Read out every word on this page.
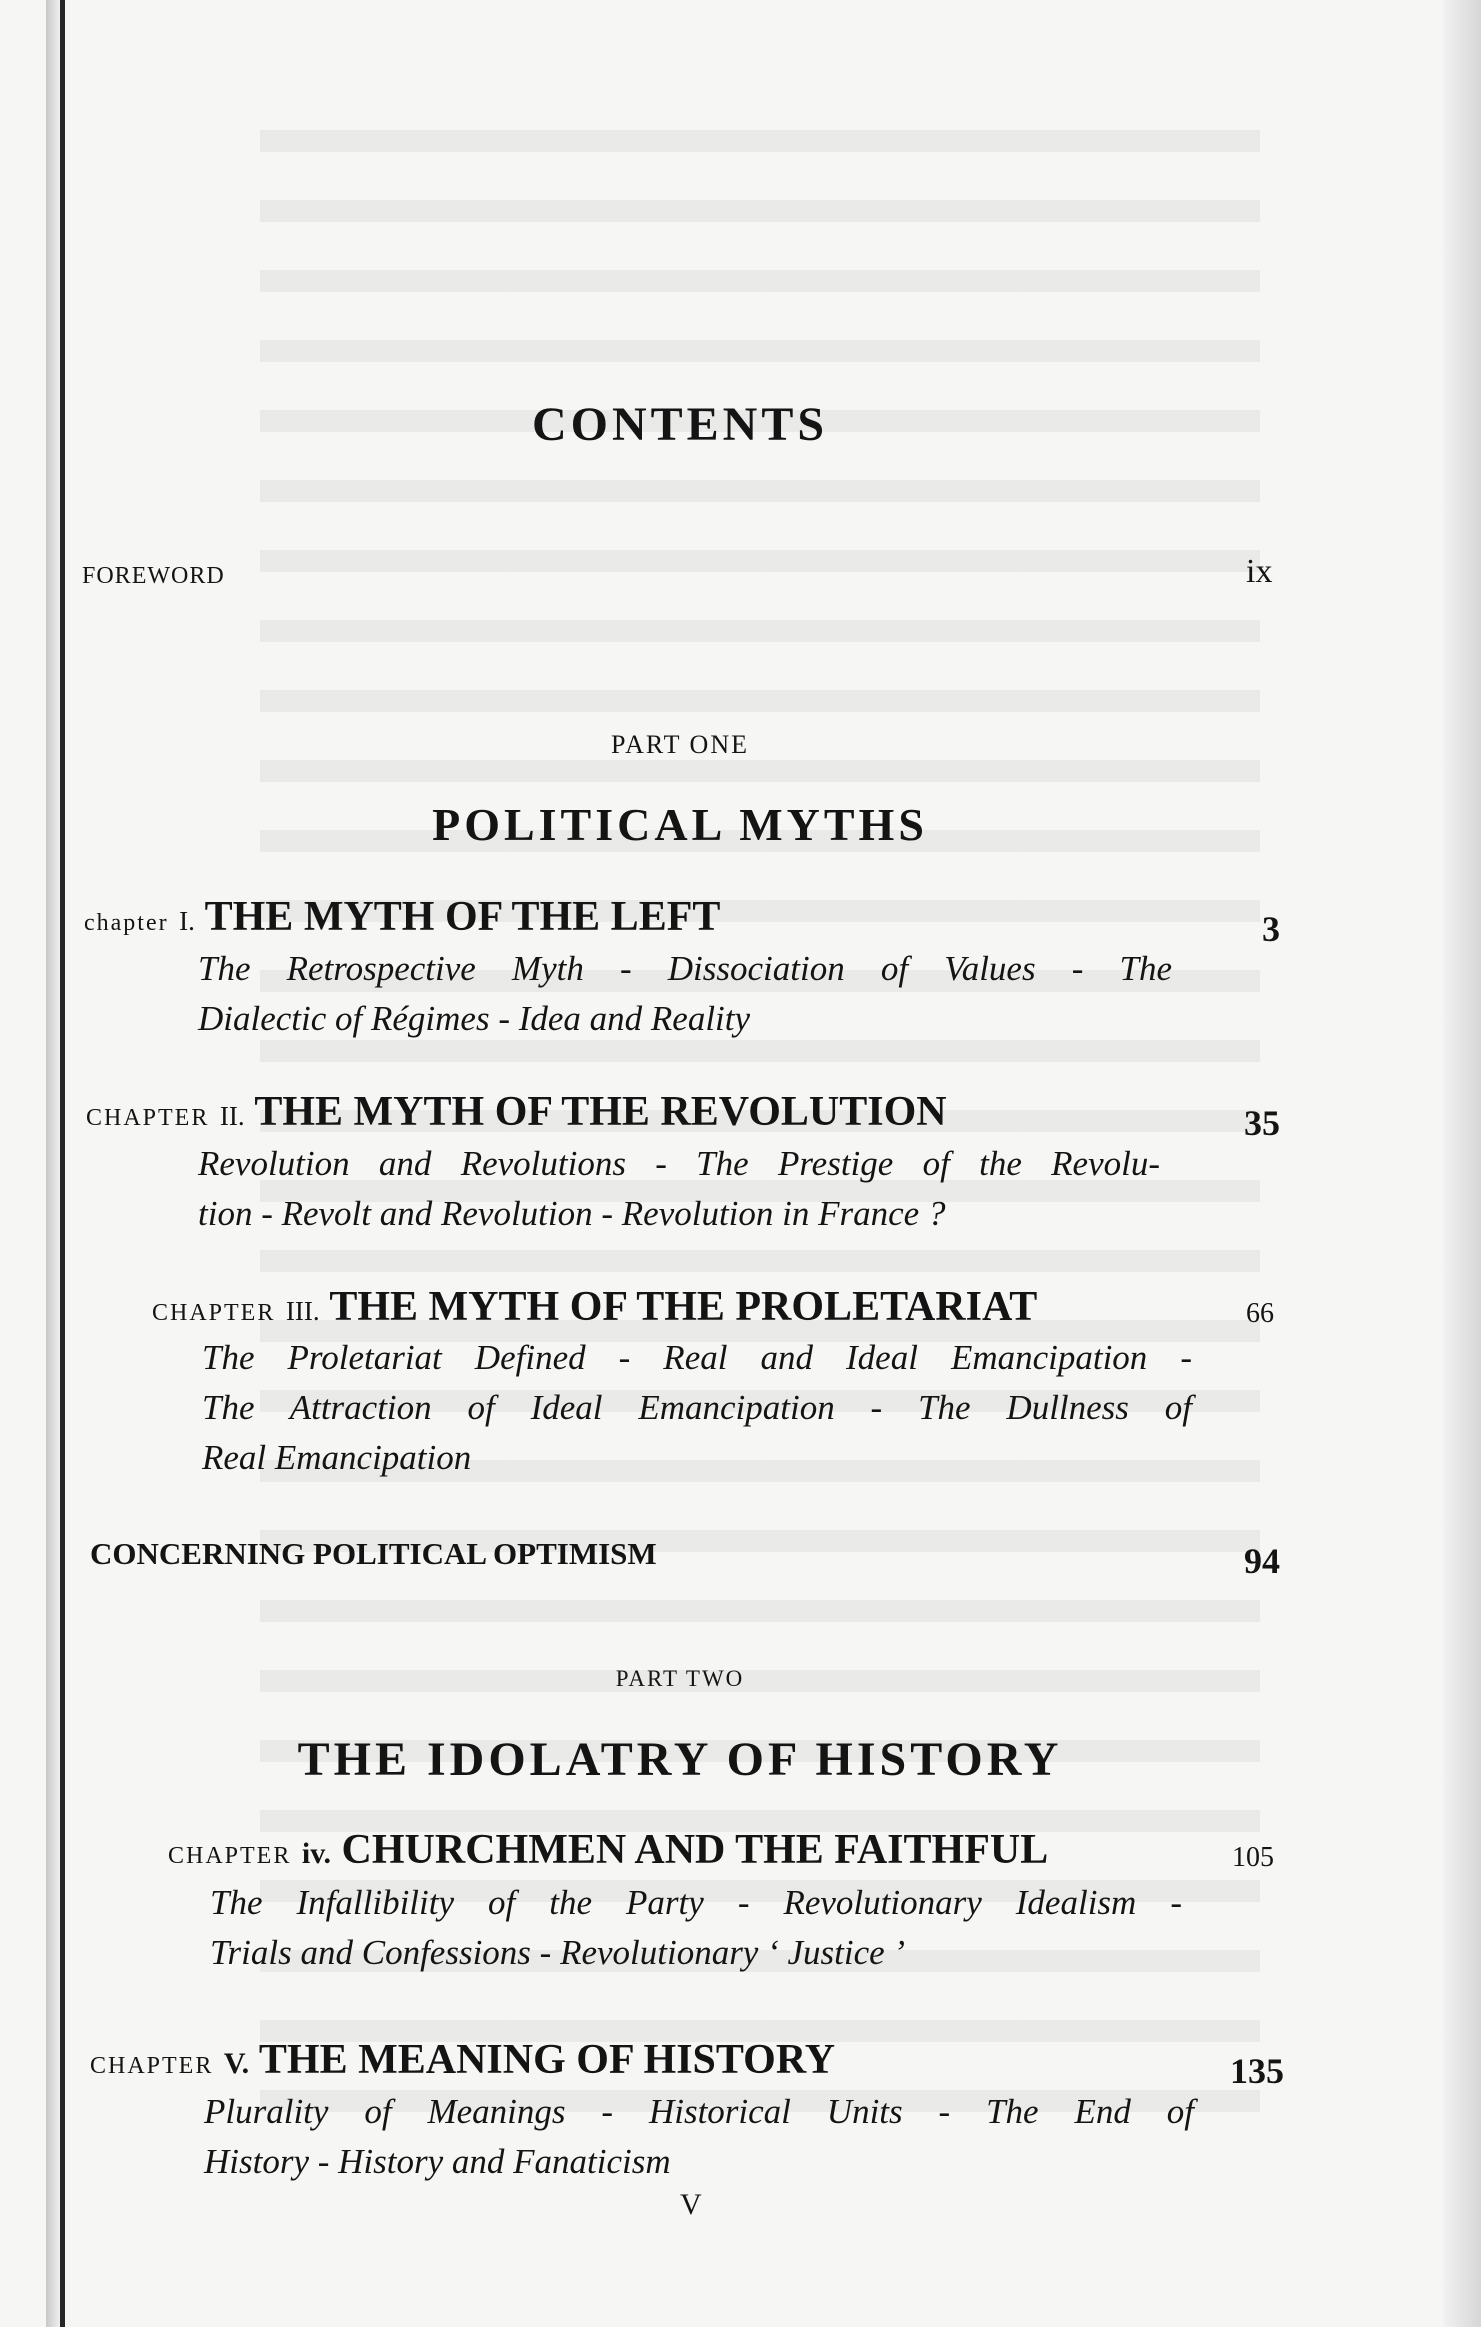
CONTENTS
FOREWORD	ix
PART ONE
POLITICAL MYTHS
chapter I. THE MYTH OF THE LEFT	3
The Retrospective Myth - Dissociation of Values - The
Dialectic of Régimes - Idea and Reality
CHAPTER II. THE MYTH OF THE REVOLUTION	35
Revolution and Revolutions - The Prestige of the Revolu-
tion - Revolt and Revolution - Revolution in France ?
CHAPTER III. THE MYTH OF THE PROLETARIAT	66
The Proletariat Defined - Real and Ideal Emancipation -
The Attraction of Ideal Emancipation - The Dullness of
Real Emancipation
CONCERNING POLITICAL OPTIMISM	94
PART TWO
THE IDOLATRY OF HISTORY
CHAPTER iv. CHURCHMEN AND THE FAITHFUL	105
The Infallibility of the Party - Revolutionary Idealism -
Trials and Confessions - Revolutionary ‘ Justice ’
CHAPTER V. THE MEANING OF HISTORY	135
Plurality of Meanings - Historical Units - The End of
History - History and Fanaticism
V
